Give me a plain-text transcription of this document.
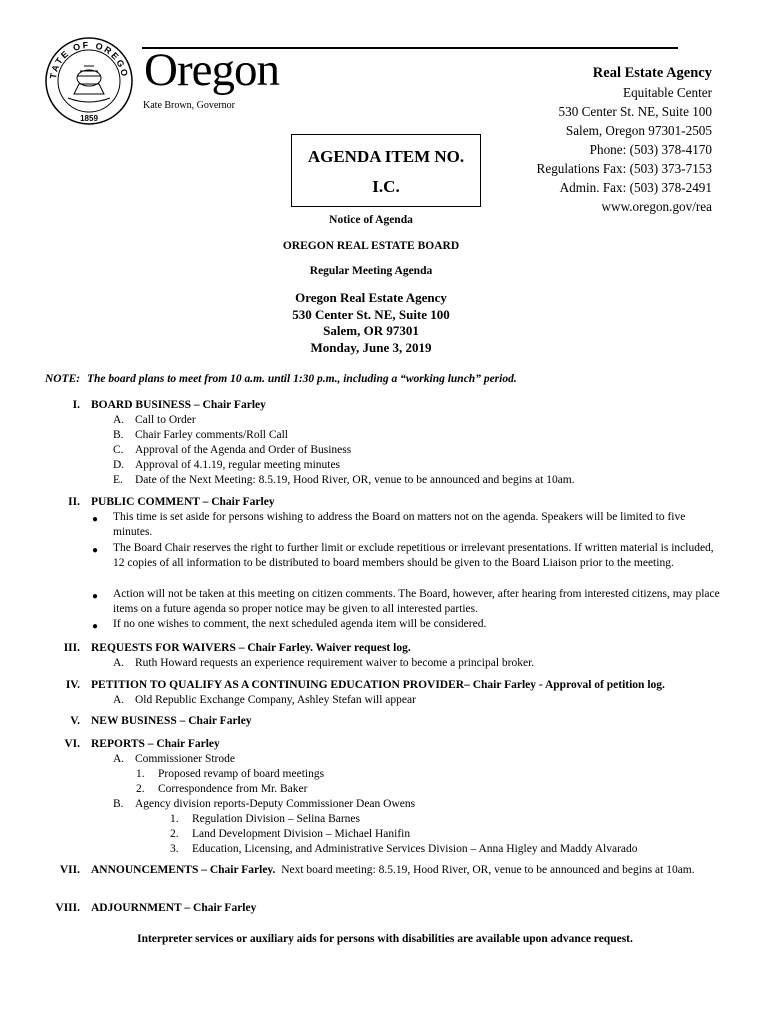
TATE OF OREGO
1859
Oregon
Kate Brown, Governor
Real Estate Agency
Equitable Center
530 Center St. NE, Suite 100
Salem, Oregon 97301-2505
Phone: (503) 378-4170
Regulations Fax: (503) 373-7153
Admin. Fax: (503) 378-2491
www.oregon.gov/rea
AGENDA ITEM NO.
I.C.
Notice of Agenda
OREGON REAL ESTATE BOARD
Regular Meeting Agenda
Oregon Real Estate Agency
530 Center St. NE, Suite 100
Salem, OR 97301
Monday, June 3, 2019
NOTE: The board plans to meet from 10 a.m. until 1:30 p.m., including a “working lunch” period.
I. BOARD BUSINESS – Chair Farley
A. Call to Order
B. Chair Farley comments/Roll Call
C. Approval of the Agenda and Order of Business
D. Approval of 4.1.19, regular meeting minutes
E. Date of the Next Meeting: 8.5.19, Hood River, OR, venue to be announced and begins at 10am.
II. PUBLIC COMMENT – Chair Farley
● This time is set aside for persons wishing to address the Board on matters not on the agenda. Speakers will be limited to five minutes.
● The Board Chair reserves the right to further limit or exclude repetitious or irrelevant presentations. If written material is included, 12 copies of all information to be distributed to board members should be given to the Board Liaison prior to the meeting.
● Action will not be taken at this meeting on citizen comments. The Board, however, after hearing from interested citizens, may place items on a future agenda so proper notice may be given to all interested parties.
● If no one wishes to comment, the next scheduled agenda item will be considered.
III. REQUESTS FOR WAIVERS – Chair Farley. Waiver request log.
A. Ruth Howard requests an experience requirement waiver to become a principal broker.
IV. PETITION TO QUALIFY AS A CONTINUING EDUCATION PROVIDER– Chair Farley - Approval of petition log.
A. Old Republic Exchange Company, Ashley Stefan will appear
V. NEW BUSINESS – Chair Farley
VI. REPORTS – Chair Farley
A. Commissioner Strode
1. Proposed revamp of board meetings
2. Correspondence from Mr. Baker
B. Agency division reports-Deputy Commissioner Dean Owens
1. Regulation Division – Selina Barnes
2. Land Development Division – Michael Hanifin
3. Education, Licensing, and Administrative Services Division – Anna Higley and Maddy Alvarado
VII. ANNOUNCEMENTS – Chair Farley. Next board meeting: 8.5.19, Hood River, OR, venue to be announced and begins at 10am.
VIII. ADJOURNMENT – Chair Farley
Interpreter services or auxiliary aids for persons with disabilities are available upon advance request.
